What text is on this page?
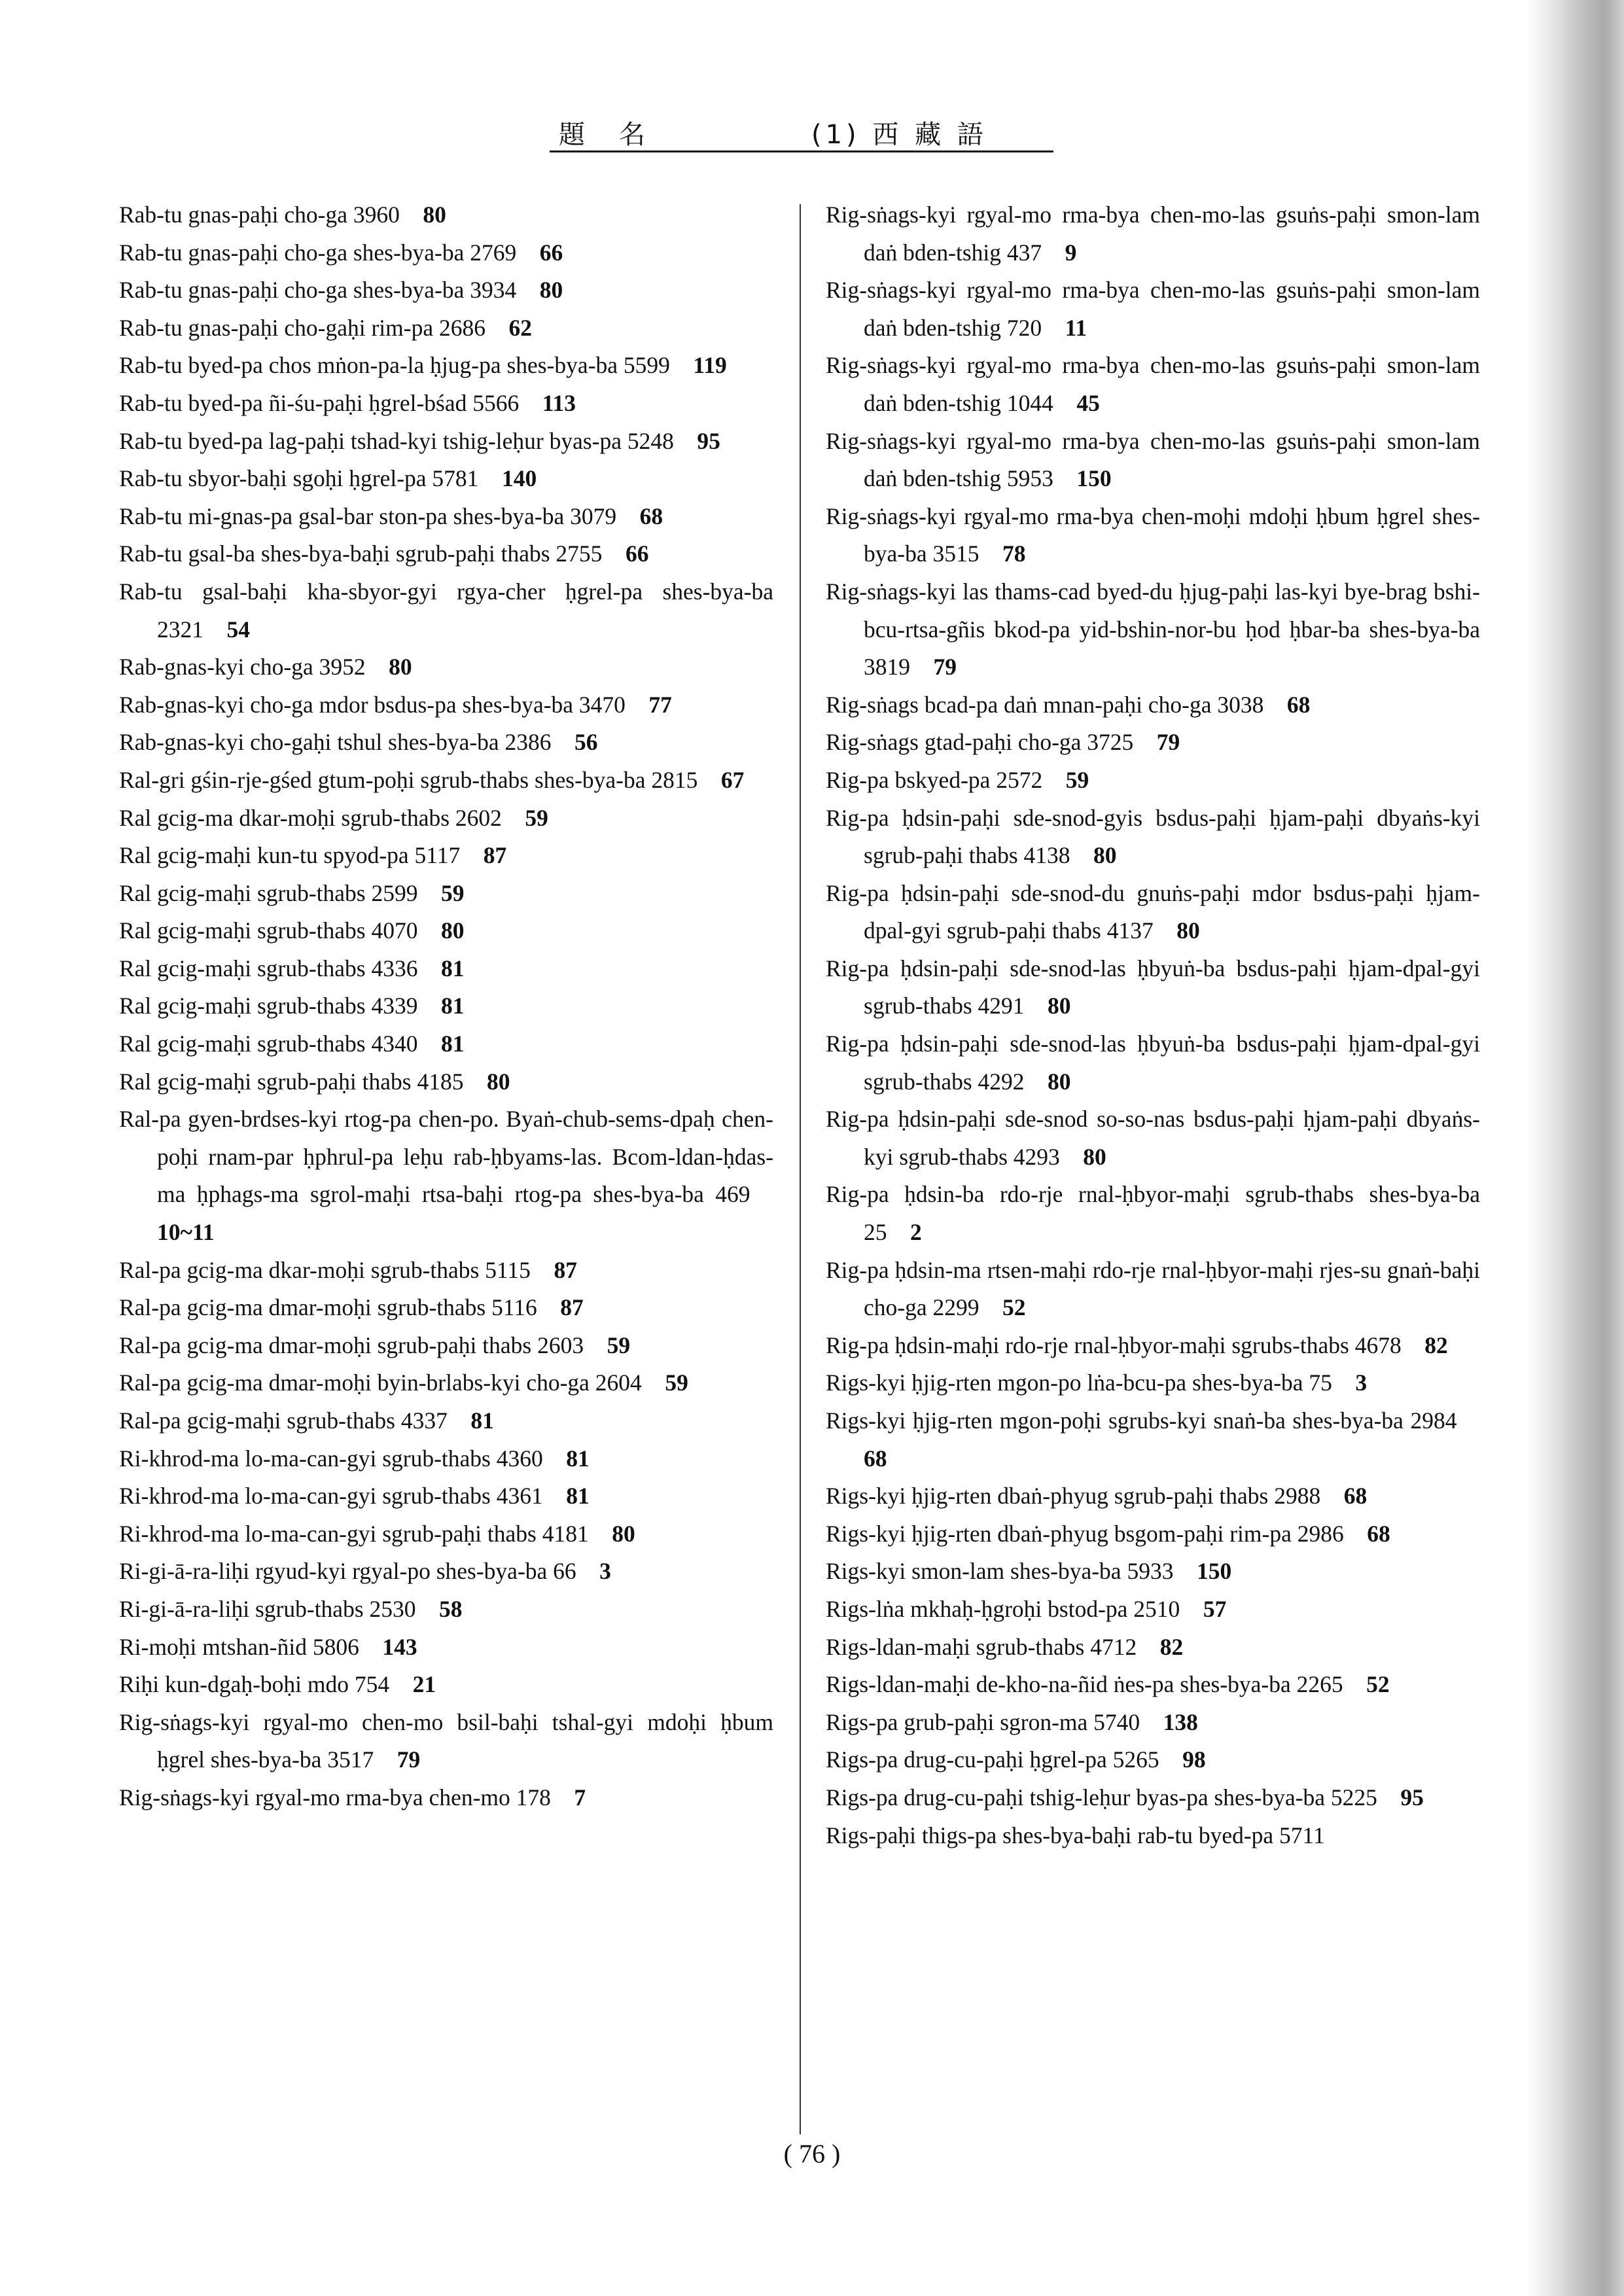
題　名	(1) 西 藏 語
Rab-tu gnas-paḥi cho-ga 3960  80
Rab-tu gnas-paḥi cho-ga shes-bya-ba 2769  66
Rab-tu gnas-paḥi cho-ga shes-bya-ba 3934  80
Rab-tu gnas-paḥi cho-gaḥi rim-pa 2686  62
Rab-tu byed-pa chos mṅon-pa-la ḥjug-pa shes-bya-ba 5599  119
Rab-tu byed-pa ñi-śu-paḥi ḥgrel-bśad 5566  113
Rab-tu byed-pa lag-paḥi tshad-kyi tshig-leḥur byas-pa 5248  95
Rab-tu sbyor-baḥi sgoḥi ḥgrel-pa 5781  140
Rab-tu mi-gnas-pa gsal-bar ston-pa shes-bya-ba 3079  68
Rab-tu gsal-ba shes-bya-baḥi sgrub-paḥi thabs 2755  66
Rab-tu gsal-baḥi kha-sbyor-gyi rgya-cher ḥgrel-pa shes-bya-ba 2321  54
Rab-gnas-kyi cho-ga 3952  80
Rab-gnas-kyi cho-ga mdor bsdus-pa shes-bya-ba 3470  77
Rab-gnas-kyi cho-gaḥi tshul shes-bya-ba 2386  56
Ral-gri gśin-rje-gśed gtum-poḥi sgrub-thabs shes-bya-ba 2815  67
Ral gcig-ma dkar-moḥi sgrub-thabs 2602  59
Ral gcig-maḥi kun-tu spyod-pa 5117  87
Ral gcig-maḥi sgrub-thabs 2599  59
Ral gcig-maḥi sgrub-thabs 4070  80
Ral gcig-maḥi sgrub-thabs 4336  81
Ral gcig-maḥi sgrub-thabs 4339  81
Ral gcig-maḥi sgrub-thabs 4340  81
Ral gcig-maḥi sgrub-paḥi thabs 4185  80
Ral-pa gyen-brdses-kyi rtog-pa chen-po. Byaṅ-chub-sems-dpaḥ chen-poḥi rnam-par ḥphrul-pa leḥu rab-ḥbyams-las. Bcom-ldan-ḥdas-ma ḥphags-ma sgrol-maḥi rtsa-baḥi rtog-pa shes-bya-ba 469 10~11
Ral-pa gcig-ma dkar-moḥi sgrub-thabs 5115  87
Ral-pa gcig-ma dmar-moḥi sgrub-thabs 5116  87
Ral-pa gcig-ma dmar-moḥi sgrub-paḥi thabs 2603  59
Ral-pa gcig-ma dmar-moḥi byin-brlabs-kyi cho-ga 2604  59
Ral-pa gcig-maḥi sgrub-thabs 4337  81
Ri-khrod-ma lo-ma-can-gyi sgrub-thabs 4360  81
Ri-khrod-ma lo-ma-can-gyi sgrub-thabs 4361  81
Ri-khrod-ma lo-ma-can-gyi sgrub-paḥi thabs 4181  80
Ri-gi-ā-ra-liḥi rgyud-kyi rgyal-po shes-bya-ba 66  3
Ri-gi-ā-ra-liḥi sgrub-thabs 2530  58
Ri-moḥi mtshan-ñid 5806  143
Riḥi kun-dgaḥ-boḥi mdo 754  21
Rig-sṅags-kyi rgyal-mo chen-mo bsil-baḥi tshal-gyi mdoḥi ḥbum ḥgrel shes-bya-ba 3517  79
Rig-sṅags-kyi rgyal-mo rma-bya chen-mo 178  7
Rig-sṅags-kyi rgyal-mo rma-bya chen-mo-las gsuṅs-paḥi smon-lam daṅ bden-tshig 437  9
Rig-sṅags-kyi rgyal-mo rma-bya chen-mo-las gsuṅs-paḥi smon-lam daṅ bden-tshig 720  11
Rig-sṅags-kyi rgyal-mo rma-bya chen-mo-las gsuṅs-paḥi smon-lam daṅ bden-tshig 1044  45
Rig-sṅags-kyi rgyal-mo rma-bya chen-mo-las gsuṅs-paḥi smon-lam daṅ bden-tshig 5953  150
Rig-sṅags-kyi rgyal-mo rma-bya chen-moḥi mdoḥi ḥbum ḥgrel shes-bya-ba 3515  78
Rig-sṅags-kyi las thams-cad byed-du ḥjug-paḥi las-kyi bye-brag bshi-bcu-rtsa-gñis bkod-pa yid-bshin-nor-bu ḥod ḥbar-ba shes-bya-ba 3819  79
Rig-sṅags bcad-pa daṅ mnan-paḥi cho-ga 3038  68
Rig-sṅags gtad-paḥi cho-ga 3725  79
Rig-pa bskyed-pa 2572  59
Rig-pa ḥdsin-paḥi sde-snod-gyis bsdus-paḥi ḥjam-paḥi dbyaṅs-kyi sgrub-paḥi thabs 4138  80
Rig-pa ḥdsin-paḥi sde-snod-du gnuṅs-paḥi mdor bsdus-paḥi ḥjam-dpal-gyi sgrub-paḥi thabs 4137  80
Rig-pa ḥdsin-paḥi sde-snod-las ḥbyuṅ-ba bsdus-paḥi ḥjam-dpal-gyi sgrub-thabs 4291  80
Rig-pa ḥdsin-paḥi sde-snod-las ḥbyuṅ-ba bsdus-paḥi ḥjam-dpal-gyi sgrub-thabs 4292  80
Rig-pa ḥdsin-paḥi sde-snod so-so-nas bsdus-paḥi ḥjam-paḥi dbyaṅs-kyi sgrub-thabs 4293  80
Rig-pa ḥdsin-ba rdo-rje rnal-ḥbyor-maḥi sgrub-thabs shes-bya-ba 25  2
Rig-pa ḥdsin-ma rtsen-maḥi rdo-rje rnal-ḥbyor-maḥi rjes-su gnaṅ-baḥi cho-ga 2299  52
Rig-pa ḥdsin-maḥi rdo-rje rnal-ḥbyor-maḥi sgrubs-thabs 4678  82
Rigs-kyi ḥjig-rten mgon-po lṅa-bcu-pa shes-bya-ba 75  3
Rigs-kyi ḥjig-rten mgon-poḥi sgrubs-kyi snaṅ-ba shes-bya-ba 2984 68
Rigs-kyi ḥjig-rten dbaṅ-phyug sgrub-paḥi thabs 2988  68
Rigs-kyi ḥjig-rten dbaṅ-phyug bsgom-paḥi rim-pa 2986  68
Rigs-kyi smon-lam shes-bya-ba 5933  150
Rigs-lṅa mkhaḥ-ḥgroḥi bstod-pa 2510  57
Rigs-ldan-maḥi sgrub-thabs 4712  82
Rigs-ldan-maḥi de-kho-na-ñid ṅes-pa shes-bya-ba 2265  52
Rigs-pa grub-paḥi sgron-ma 5740  138
Rigs-pa drug-cu-paḥi ḥgrel-pa 5265  98
Rigs-pa drug-cu-paḥi tshig-leḥur byas-pa shes-bya-ba 5225  95
Rigs-paḥi thigs-pa shes-bya-baḥi rab-tu byed-pa 5711 
( 76 )
